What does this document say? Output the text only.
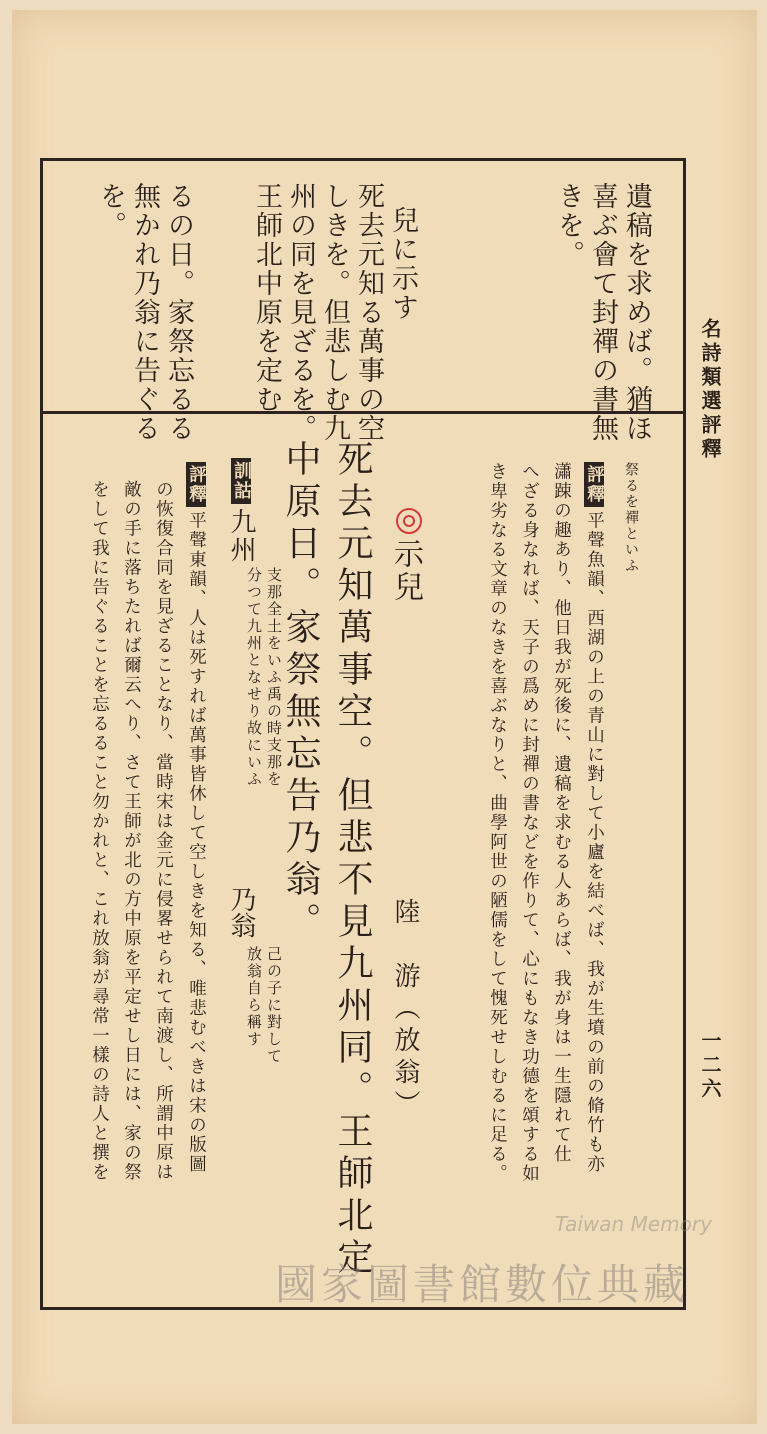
名詩類選評釋
一二六
遺稿を求めば。猶ほ
喜ぶ會て封禪の書無
きを。
兒に示す
死去元知る萬事の空
しきを。但悲しむ九
州の同を見ざるを。
王師北中原を定む
るの日。家祭忘るる
無かれ乃翁に告ぐる
を。
祭るを禪といふ
評釋平聲魚韻、西湖の上の青山に對して小廬を結べば、我が生墳の前の脩竹も亦
瀟踈の趣あり、他日我が死後に、遺稿を求むる人あらば、我が身は一生隱れて仕
へざる身なれば、天子の爲めに封禪の書などを作りて、心にもなき功德を頌する如
き卑劣なる文章のなきを喜ぶなりと、曲學阿世の陋儒をして愧死せしむるに足る。
示兒
陸　游（放翁）
死去元知萬事空。但悲不見九州同。王師北定
中原日。家祭無忘告乃翁。
訓詁九州
支那全土をいふ禹の時支那を
分つて九州となせり故にいふ
乃翁
己の子に對して
放翁自ら稱す
評釋平聲東韻、人は死すれば萬事皆休して空しきを知る、唯悲むべきは宋の版圖
の恢復合同を見ざることなり、當時宋は金元に侵畧せられて南渡し、所謂中原は
敵の手に落ちたれば爾云へり、さて王師が北の方中原を平定せし日には、家の祭
をして我に告ぐることを忘るること勿かれと、これ放翁が尋常一樣の詩人と撰を
Taiwan Memory
國家圖書館數位典藏
